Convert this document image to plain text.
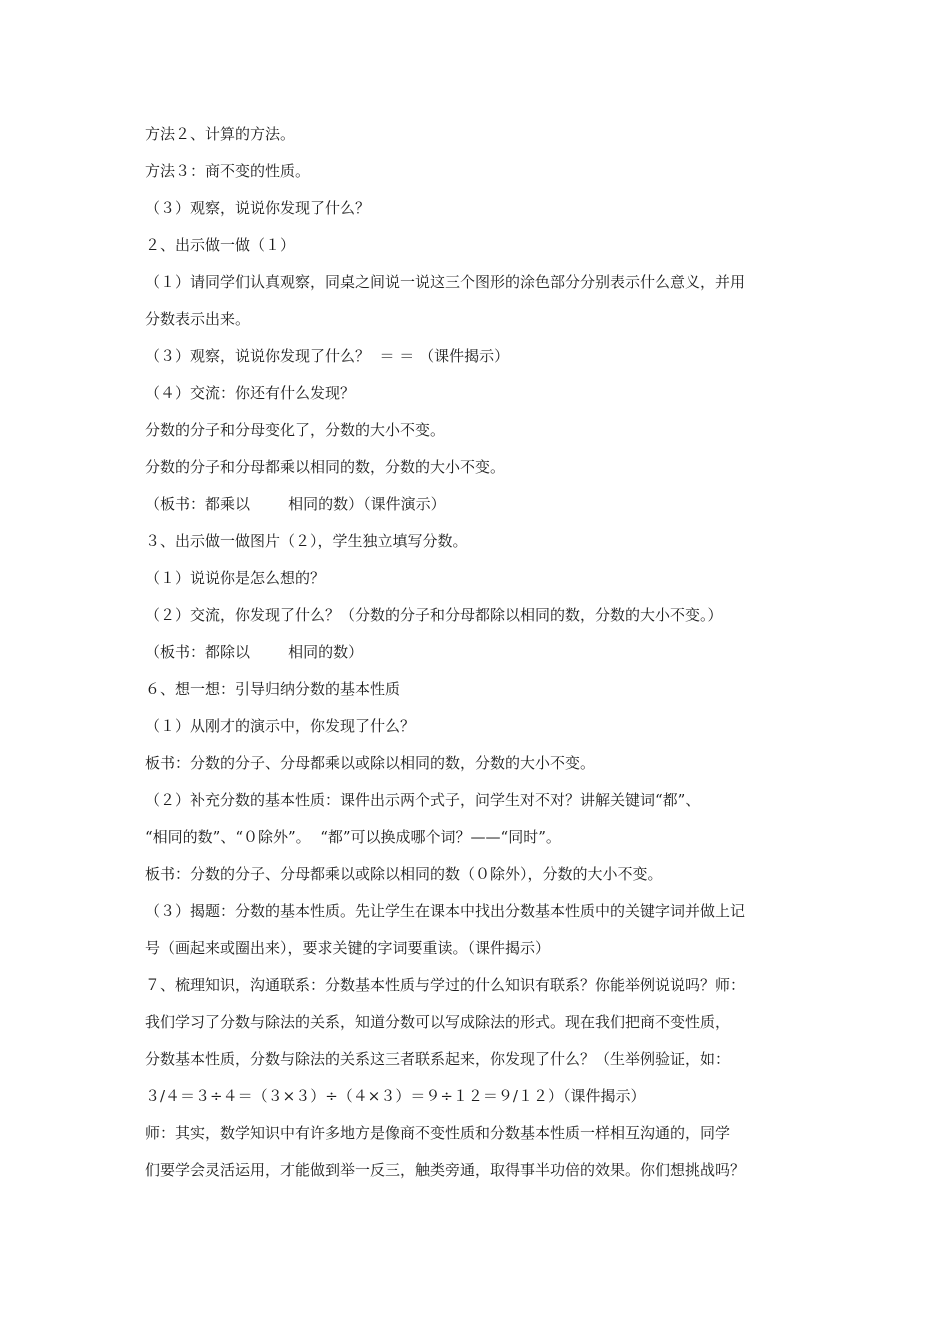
方法２、计算的方法。
方法３：商不变的性质。
（３）观察，说说你发现了什么？
２、出示做一做（１）
（１）请同学们认真观察，同桌之间说一说这三个图形的涂色部分分别表示什么意义，并用
分数表示出来。
（３）观察，说说你发现了什么？  ＝ ＝ （课件揭示）
（４）交流：你还有什么发现？
分数的分子和分母变化了，分数的大小不变。
分数的分子和分母都乘以相同的数，分数的大小不变。
（板书：都乘以        相同的数）（课件演示）
３、出示做一做图片（２），学生独立填写分数。
（１）说说你是怎么想的？
（２）交流，你发现了什么？（分数的分子和分母都除以相同的数，分数的大小不变。）
（板书：都除以        相同的数）
６、想一想：引导归纳分数的基本性质
（１）从刚才的演示中，你发现了什么？
板书：分数的分子、分母都乘以或除以相同的数，分数的大小不变。
（２）补充分数的基本性质：课件出示两个式子，问学生对不对？讲解关键词“都”、
“相同的数”、“０除外”。  “都”可以换成哪个词？——“同时”。
板书：分数的分子、分母都乘以或除以相同的数（０除外），分数的大小不变。
（３）揭题：分数的基本性质。先让学生在课本中找出分数基本性质中的关键字词并做上记
号（画起来或圈出来），要求关键的字词要重读。（课件揭示）
７、梳理知识，沟通联系：分数基本性质与学过的什么知识有联系？你能举例说说吗？师：
我们学习了分数与除法的关系，知道分数可以写成除法的形式。现在我们把商不变性质，
分数基本性质，分数与除法的关系这三者联系起来，你发现了什么？（生举例验证，如：
３/４＝３÷４＝（３×３）÷（４×３）＝９÷１２＝９/１２）（课件揭示）
师：其实，数学知识中有许多地方是像商不变性质和分数基本性质一样相互沟通的，同学
们要学会灵活运用，才能做到举一反三，触类旁通，取得事半功倍的效果。你们想挑战吗？
